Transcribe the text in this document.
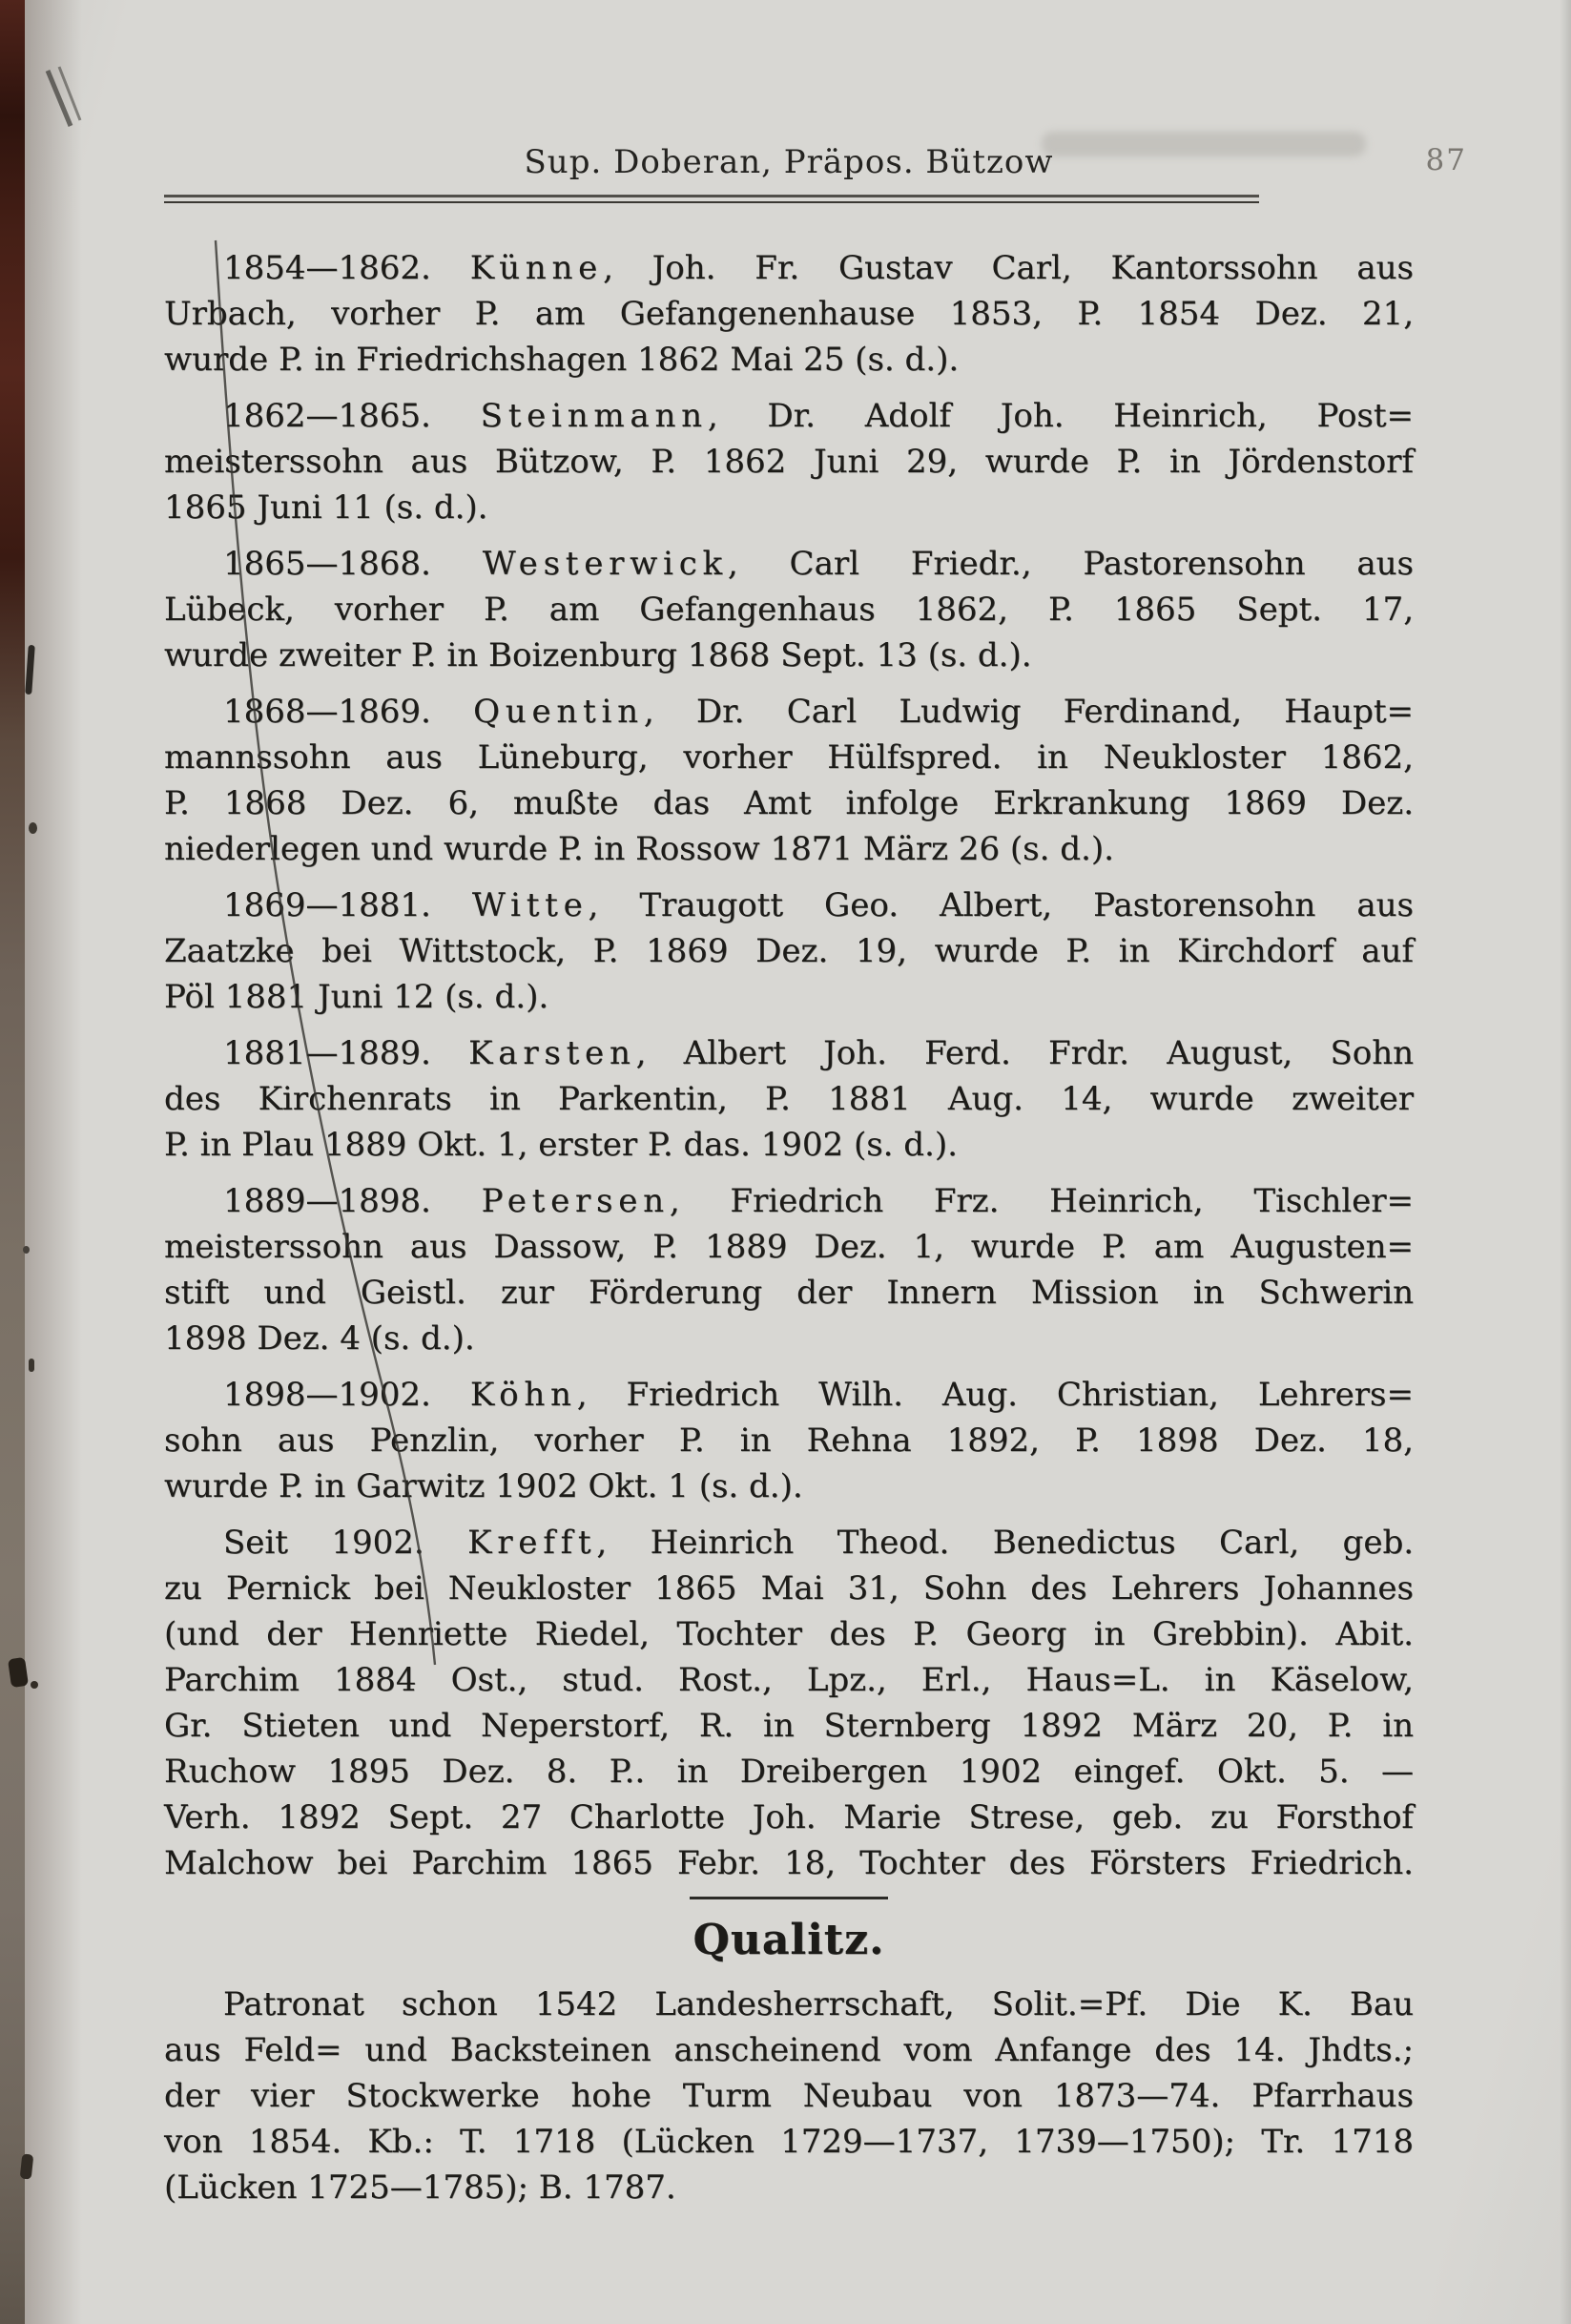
Sup. Doberan, Präpos. Bützow	87
1854—1862. Künne, Joh. Fr. Gustav Carl, Kantorssohn aus
Urbach, vorher P. am Gefangenenhause 1853, P. 1854 Dez. 21,
wurde P. in Friedrichshagen 1862 Mai 25 (s. d.).
1862—1865. Steinmann, Dr. Adolf Joh. Heinrich, Post=
meisterssohn aus Bützow, P. 1862 Juni 29, wurde P. in Jördenstorf
1865 Juni 11 (s. d.).
1865—1868. Westerwick, Carl Friedr., Pastorensohn aus
Lübeck, vorher P. am Gefangenhaus 1862, P. 1865 Sept. 17,
wurde zweiter P. in Boizenburg 1868 Sept. 13 (s. d.).
1868—1869. Quentin, Dr. Carl Ludwig Ferdinand, Haupt=
mannssohn aus Lüneburg, vorher Hülfspred. in Neukloster 1862,
P. 1868 Dez. 6, mußte das Amt infolge Erkrankung 1869 Dez.
niederlegen und wurde P. in Rossow 1871 März 26 (s. d.).
1869—1881. Witte, Traugott Geo. Albert, Pastorensohn aus
Zaatzke bei Wittstock, P. 1869 Dez. 19, wurde P. in Kirchdorf auf
Pöl 1881 Juni 12 (s. d.).
1881—1889. Karsten, Albert Joh. Ferd. Frdr. August, Sohn
des Kirchenrats in Parkentin, P. 1881 Aug. 14, wurde zweiter
P. in Plau 1889 Okt. 1, erster P. das. 1902 (s. d.).
1889—1898. Petersen, Friedrich Frz. Heinrich, Tischler=
meisterssohn aus Dassow, P. 1889 Dez. 1, wurde P. am Augusten=
stift und Geistl. zur Förderung der Innern Mission in Schwerin
1898 Dez. 4 (s. d.).
1898—1902. Köhn, Friedrich Wilh. Aug. Christian, Lehrers=
sohn aus Penzlin, vorher P. in Rehna 1892, P. 1898 Dez. 18,
wurde P. in Garwitz 1902 Okt. 1 (s. d.).
Seit 1902. Krefft, Heinrich Theod. Benedictus Carl, geb.
zu Pernick bei Neukloster 1865 Mai 31, Sohn des Lehrers Johannes
(und der Henriette Riedel, Tochter des P. Georg in Grebbin). Abit.
Parchim 1884 Ost., stud. Rost., Lpz., Erl., Haus=L. in Käselow,
Gr. Stieten und Neperstorf, R. in Sternberg 1892 März 20, P. in
Ruchow 1895 Dez. 8. P.. in Dreibergen 1902 eingef. Okt. 5. —
Verh. 1892 Sept. 27 Charlotte Joh. Marie Strese, geb. zu Forsthof
Malchow bei Parchim 1865 Febr. 18, Tochter des Försters Friedrich.
Qualitz.
Patronat schon 1542 Landesherrschaft, Solit.=Pf. Die K. Bau
aus Feld= und Backsteinen anscheinend vom Anfange des 14. Jhdts.;
der vier Stockwerke hohe Turm Neubau von 1873—74. Pfarrhaus
von 1854. Kb.: T. 1718 (Lücken 1729—1737, 1739—1750); Tr. 1718
(Lücken 1725—1785); B. 1787.
